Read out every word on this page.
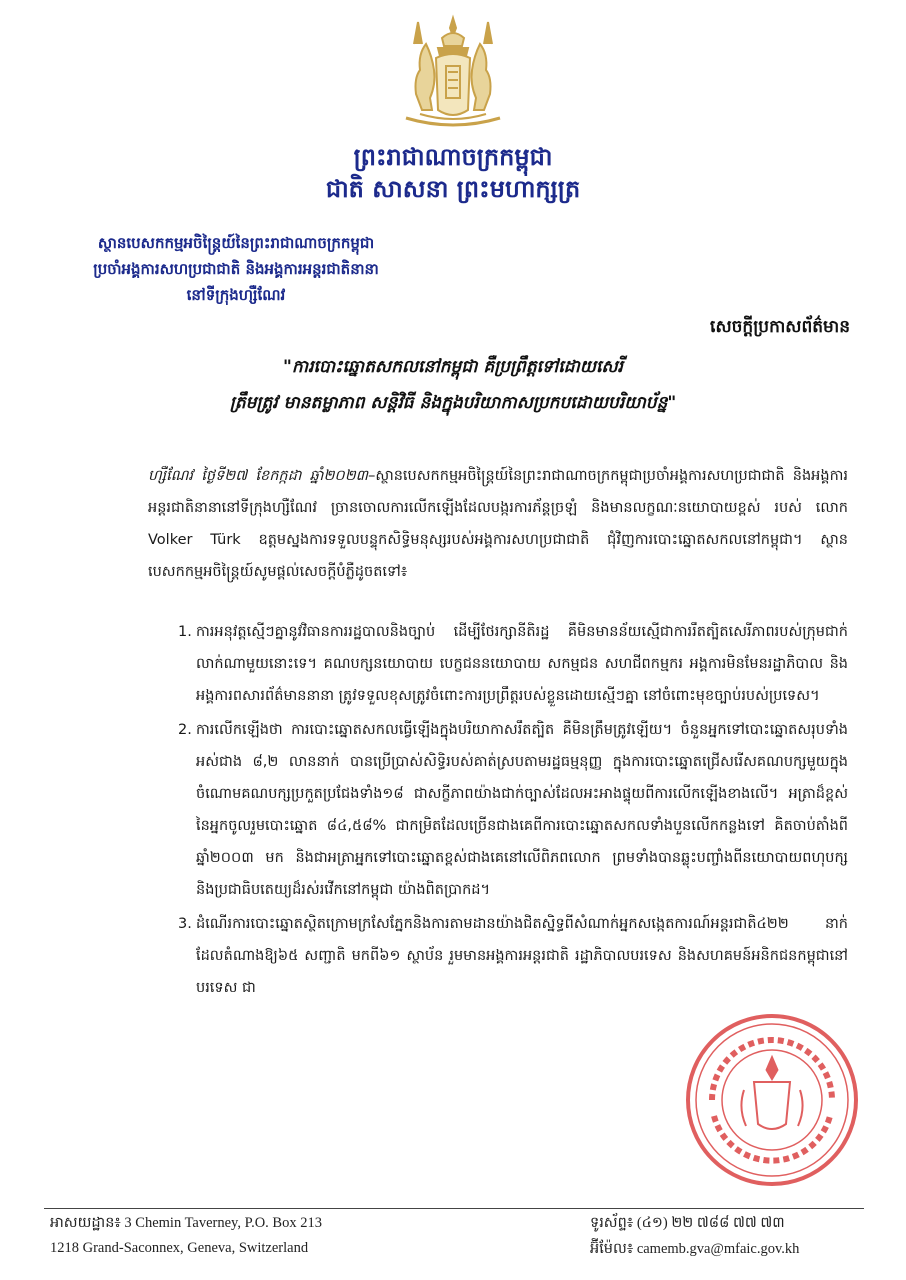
ព្រះរាជាណាចក្រកម្ពុជា
ជាតិ សាសនា ព្រះមហាក្សត្រ
ស្ថានបេសកកម្មអចិន្ត្រៃយ៍នៃព្រះរាជាណាចក្រកម្ពុជា
ប្រចាំអង្គការសហប្រជាជាតិ និងអង្គការអន្តរជាតិនានា
នៅទីក្រុងហ្សឺណែវ
សេចក្តីប្រកាសព័ត៌មាន
"ការបោះឆ្នោតសកលនៅកម្ពុជា គឺប្រព្រឹត្តទៅដោយសេរី
ត្រឹមត្រូវ មានតម្លាភាព សន្តិវិធី និងក្នុងបរិយាកាសប្រកបដោយបរិយាប័ន្ន"
ហ្សឺណែវ ថ្ងៃទី២៧ ខែកក្កដា ឆ្នាំ២០២៣–ស្ថានបេសកកម្មអចិន្ត្រៃយ៍នៃព្រះរាជាណាចក្រកម្ពុជាប្រចាំអង្គការសហប្រជាជាតិ និងអង្គការអន្តរជាតិនានានៅទីក្រុងហ្សឺណែវ ច្រានចោលការលើកឡើងដែលបង្ករការភ័ន្តច្រឡំ និងមានលក្ខណៈនយោបាយខ្ពស់ របស់ លោក Volker Türk ឧត្តមស្នងការទទួលបន្ទុកសិទ្ធិមនុស្សរបស់អង្គការសហប្រជាជាតិ ជុំវិញការបោះឆ្នោតសកលនៅកម្ពុជា។ ស្ថានបេសកកម្មអចិន្ត្រៃយ៍សូមផ្តល់សេចក្តីបំភ្លឺដូចតទៅ៖
1. ការអនុវត្តស្មើៗគ្នានូវវិធានការរដ្ឋបាលនិងច្បាប់ ដើម្បីថែរក្សានីតិរដ្ឋ គឺមិនមានន័យស្មើជាការរឹតត្បិតសេរីភាពរបស់ក្រុមជាក់លាក់ណាមួយនោះទេ។ គណបក្សនយោបាយ បេក្ខជននយោបាយ សកម្មជន សហជីពកម្មករ អង្គការមិនមែនរដ្ឋាភិបាល និងអង្គការពសារព័ត៌មាននានា ត្រូវទទួលខុសត្រូវចំពោះការប្រព្រឹត្តរបស់ខ្លួនដោយស្មើៗគ្នា នៅចំពោះមុខច្បាប់របស់ប្រទេស។
2. ការលើកឡើងថា ការបោះឆ្នោតសកលធ្វើឡើងក្នុងបរិយាកាសរឹតត្បិត គឺមិនត្រឹមត្រូវឡើយ។ ចំនួនអ្នកទៅបោះឆ្នោតសរុបទាំងអស់ជាង ៨,២ លាននាក់ បានប្រើប្រាស់សិទ្ធិរបស់គាត់ស្របតាមរដ្ឋធម្មនុញ្ញ ក្នុងការបោះឆ្នោតជ្រើសរើសគណបក្សមួយក្នុងចំណោមគណបក្សប្រកួតប្រជែងទាំង១៨ ជាសក្ខីភាពយ៉ាងជាក់ច្បាស់ដែលអះអាងផ្ទុយពីការលើកឡើងខាងលើ។ អត្រាដ៏ខ្ពស់នៃអ្នកចូលរួមបោះឆ្នោត ៨៤,៥៨% ជាកម្រិតដែលច្រើនជាងគេពីការបោះឆ្នោតសកលទាំងបួនលើកកន្លងទៅ គិតចាប់តាំងពីឆ្នាំ២០០៣ មក និងជាអត្រាអ្នកទៅបោះឆ្នោតខ្ពស់ជាងគេនៅលើពិភពលោក ព្រមទាំងបានឆ្លុះបញ្ចាំងពីនយោបាយពហុបក្ស និងប្រជាធិបតេយ្យដ៏រស់រវើកនៅកម្ពុជា យ៉ាងពិតប្រាកដ។
3. ដំណើរការបោះឆ្នោតស្ថិតក្រោមក្រសែភ្នែកនិងការតាមដានយ៉ាងជិតស្និទ្ធពីសំណាក់អ្នកសង្កេតការណ៍អន្តរជាតិ៤២២ នាក់ ដែលតំណាងឱ្យ៦៥ សញ្ជាតិ មកពី៦១ ស្ថាប័ន រួមមានអង្គការអន្តរជាតិ រដ្ឋាភិបាលបរទេស និងសហគមន៍អនិកជនកម្ពុជានៅបរទេស ជា
អាសយដ្ឋាន៖ 3 Chemin Taverney, P.O. Box 213
1218 Grand-Saconnex, Geneva, Switzerland
ទូរស័ព្ទ៖ (៤១) ២២ ៧៨៨ ៧៧ ៧៣
អ៊ីម៉ែល៖ camemb.gva@mfaic.gov.kh
